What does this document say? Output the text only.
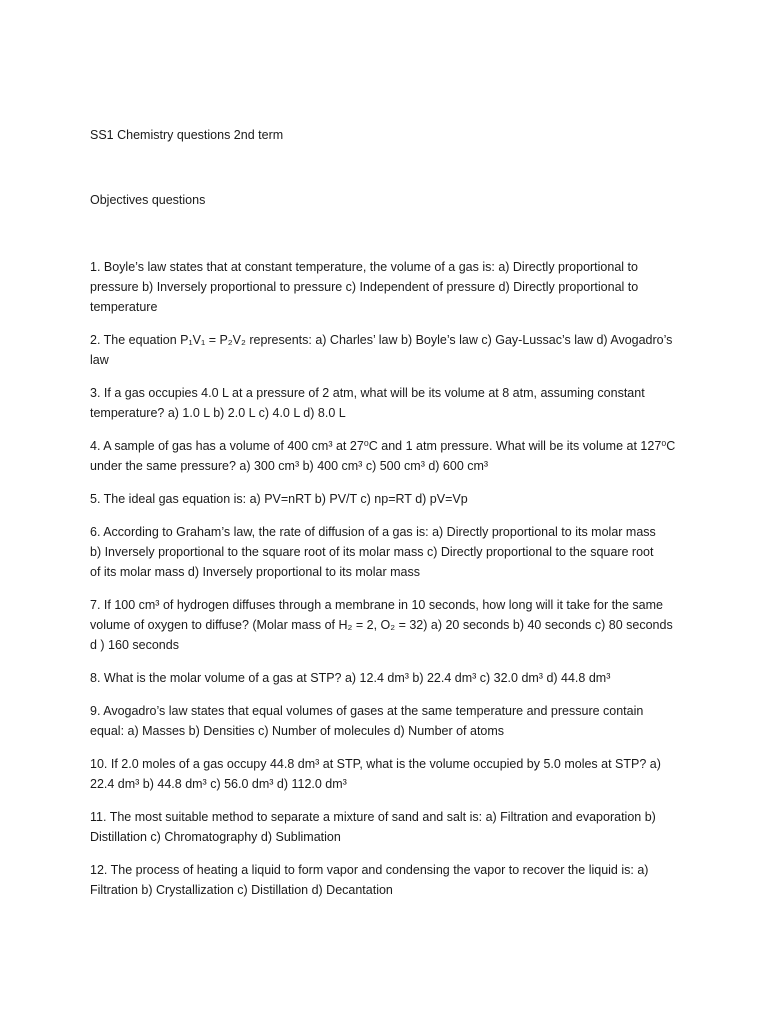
SS1 Chemistry questions 2nd term

Objectives questions

1. Boyle’s law states that at constant temperature, the volume of a gas is: a) Directly proportional to
pressure b) Inversely proportional to pressure c) Independent of pressure d) Directly proportional to
temperature
2. The equation P₁V₁ = P₂V₂ represents: a) Charles’ law b) Boyle’s law c) Gay-Lussac’s law d) Avogadro’s
law
3. If a gas occupies 4.0 L at a pressure of 2 atm, what will be its volume at 8 atm, assuming constant
temperature? a) 1.0 L b) 2.0 L c) 4.0 L d) 8.0 L
4. A sample of gas has a volume of 400 cm³ at 27⁰C and 1 atm pressure. What will be its volume at 127⁰C
under the same pressure? a) 300 cm³ b) 400 cm³ c) 500 cm³ d) 600 cm³
5. The ideal gas equation is: a) PV=nRT b) PV/T c) np=RT d) pV=Vp
6. According to Graham’s law, the rate of diffusion of a gas is: a) Directly proportional to its molar mass
b) Inversely proportional to the square root of its molar mass c) Directly proportional to the square root
of its molar mass d) Inversely proportional to its molar mass
7. If 100 cm³ of hydrogen diffuses through a membrane in 10 seconds, how long will it take for the same
volume of oxygen to diffuse? (Molar mass of H₂ = 2, O₂ = 32) a) 20 seconds b) 40 seconds c) 80 seconds
d ) 160 seconds
8. What is the molar volume of a gas at STP? a) 12.4 dm³ b) 22.4 dm³ c) 32.0 dm³ d) 44.8 dm³
9. Avogadro’s law states that equal volumes of gases at the same temperature and pressure contain
equal: a) Masses b) Densities c) Number of molecules d) Number of atoms
10. If 2.0 moles of a gas occupy 44.8 dm³ at STP, what is the volume occupied by 5.0 moles at STP? a)
22.4 dm³ b) 44.8 dm³ c) 56.0 dm³ d) 112.0 dm³
11. The most suitable method to separate a mixture of sand and salt is: a) Filtration and evaporation b)
Distillation c) Chromatography d) Sublimation
12. The process of heating a liquid to form vapor and condensing the vapor to recover the liquid is: a)
Filtration b) Crystallization c) Distillation d) Decantation
